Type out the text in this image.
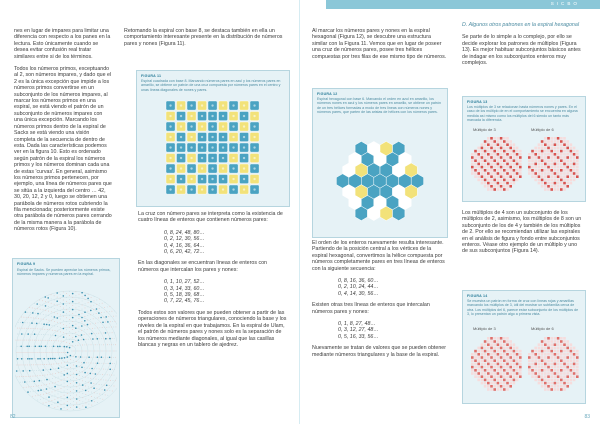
SICBO

nes en lugar de impares para limitar una diferencia con respecto a los panes en la lectura. Esto únicamente cuando se desea evitar confusión real tratar similares entre si de los términos.

Todos los números primos, exceptuando al 2, son números impares, y dado que el 2 es la única excepción que impide a los números primos convertirse en un subconjunto de los números impares, al marcar los números primos en una espiral, se está viendo el patrón de un subconjunto de números impares con una única excepción. Marcando los números primos dentro de la espiral de Sacks se está viendo una visión completa de la secuencia de dentro de esta. Dada las características podemos ver en la figura 10. Esto es ordenado según patrón de la espiral los números primos y los números dominan cada una de estas 'curvas'. En general, asimismo los números primos pertenecen, por ejemplo, una línea de números pares que se sitúa a la izquierda del centro … 42, 30, 20, 12, 2 y 0, luego se obtienen una parábola de números rotos cubriendo la fila mencionada; posteriormente existe otra parábola de números pares cerrando de la misma manera a la parábola de números rotos (Figura 10).

FIGURA 9
Espiral de Sacks. Se pueden apreciar los números primos, números impares y números pares en la espiral.

Retomando la espiral con base 8, se destaca también en ella un comportamiento interesante presente en la distribución de números pares y nones (Figura 11).

FIGURA 11
Espiral cuadrada con base 8. Marcando números pares en azul y los números pares en amarillo, se obtiene un patrón de una cruz compuesta por números pares en el centro y unas líneas diagonales de nones y pares.

La cruz con número pares se interpreta como la existencia de cuatro líneas de enteros que contienen números pares:

0, 8, 24, 48, 80…
0, 2, 12, 30, 56…
0, 4, 16, 36, 64…
0, 6, 20, 42, 72…

En las diagonales se encuentran líneas de enteros con números que intercalan los pares y nones:

0, 1, 10, 27, 52…
0, 3, 14, 33, 60…
0, 5, 18, 39, 68…
0, 7, 22, 45, 76…

Todos estos son valores que se pueden obtener a partir de las operaciones de números triangulares, conociendo la base y los niveles de la espiral en que trabajamos. En la espiral de Ulam, el patrón de números pares y nones solo es la separación de los números mediante diagonales, al igual que las casillas blancas y negras en un tablero de ajedrez.

Al marcar los números pares y nones en la espiral hexagonal (Figura 12), se descubre una estructura similar con la Figura 11. Vemos que en lugar de poseer una cruz de números pares, posee tres hélices compuestas por tres filas de ese mismo tipo de números.

FIGURA 12
Espiral hexagonal con base 6. Marcando el orden en azul en amarillo, los números nones en azul y los números pares en amarillo, se obtiene un patrón de un tres hélices formadas a modo de tres líneas con números nones y números pares, que parten de las aristas de hélices con los números pares.

El orden de los enteros nuevamente resulta interesante. Partiendo de la posición central a los vértices de la espiral hexagonal, convertimos la hélice compuesta por números completamente pares en tres líneas de enteros con la siguiente secuencia:

0, 8, 16, 36, 60…
0, 2, 10, 24, 44…
0, 4, 14, 30, 56…

Existen otras tres líneas de enteros que intercalan números pares y nones:

0, 1, 8, 27, 48…
0, 3, 12, 27, 48…
0, 5, 16, 33, 56…

Nuevamente se tratan de valores que se pueden obtener mediante números triangulares y la base de la espiral.

D. Algunos otros patrones en la espiral hexagonal

Se parte de lo simple a lo complejo, por ello se decide explorar los patrones de múltiplos (Figura 13). Es mejor habituar subconjuntos básicos antes de indagar en los subconjuntos enteros muy complejos.

FIGURA 13
Los múltiplos de 3 se relacionan hasta números nones y pares. En el caso de los múltiplo de en el comportamiento se encuentra en alguna medida así mismo como los múltiplos del 6 siendo un tanto más marcada la diferencia.
Múltiplo de 3	Múltiplo de 6

Los múltiplos de 4 son un subconjunto de los múltiplos de 2, asimismo, los múltiplos de 8 son un subconjunto de los de 4 y también de los múltiplos de 2. Por ello se recomiendan utilizar las espirales en el análisis de figura y fondo entre subconjuntos enteros. Véase otro ejemplo de un múltiplo y uno de sus subconjuntos (Figura 14).

FIGURA 14
Se muestra un patrón en forma de cruz con líneas rojas y amarillas marcando los múltiplos de 3, útil del mostrar un subfamilia cerca de otra. Los múltiplos del 6, parece estar subconjunto de los múltiplos de 3, lo presentan un patrón algo a primera vista.
Múltiplo de 3	Múltiplo de 6
82	83
